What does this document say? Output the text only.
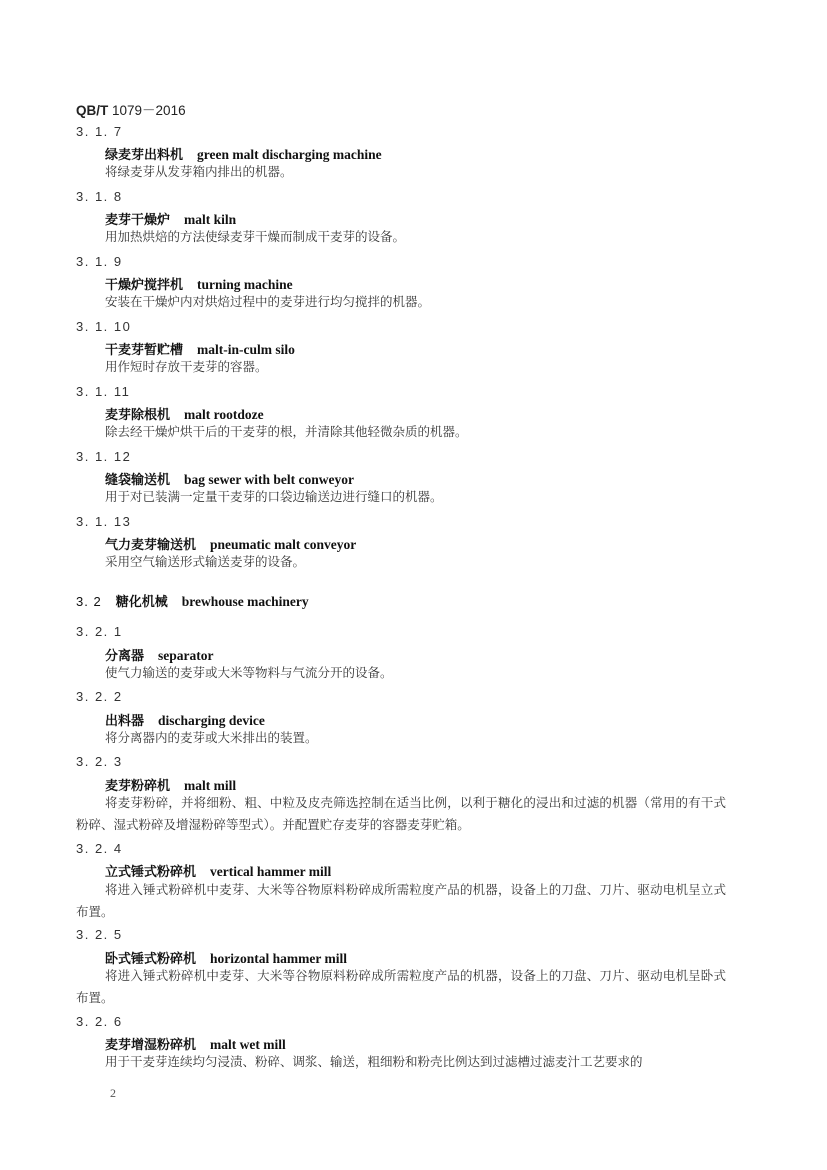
QB/T 1079－2016
3. 1. 7
绿麦芽出料机 green malt discharging machine
将绿麦芽从发芽箱内排出的机器。
3. 1. 8
麦芽干燥炉 malt kiln
用加热烘焙的方法使绿麦芽干燥而制成干麦芽的设备。
3. 1. 9
干燥炉搅拌机 turning machine
安装在干燥炉内对烘焙过程中的麦芽进行均匀搅拌的机器。
3. 1. 10
干麦芽暂贮槽 malt-in-culm silo
用作短时存放干麦芽的容器。
3. 1. 11
麦芽除根机 malt rootdoze
除去经干燥炉烘干后的干麦芽的根，并清除其他轻微杂质的机器。
3. 1. 12
缝袋输送机 bag sewer with belt conweyor
用于对已装满一定量干麦芽的口袋边输送边进行缝口的机器。
3. 1. 13
气力麦芽输送机 pneumatic malt conveyor
采用空气输送形式输送麦芽的设备。
3. 2 糖化机械 brewhouse machinery
3. 2. 1
分离器 separator
使气力输送的麦芽或大米等物料与气流分开的设备。
3. 2. 2
出料器 discharging device
将分离器内的麦芽或大米排出的装置。
3. 2. 3
麦芽粉碎机 malt mill
将麦芽粉碎，并将细粉、粗、中粒及皮壳筛选控制在适当比例，以利于糖化的浸出和过滤的机器（常用的有干式粉碎、湿式粉碎及增湿粉碎等型式）。并配置贮存麦芽的容器麦芽贮箱。
3. 2. 4
立式锤式粉碎机 vertical hammer mill
将进入锤式粉碎机中麦芽、大米等谷物原料粉碎成所需粒度产品的机器，设备上的刀盘、刀片、驱动电机呈立式布置。
3. 2. 5
卧式锤式粉碎机 horizontal hammer mill
将进入锤式粉碎机中麦芽、大米等谷物原料粉碎成所需粒度产品的机器，设备上的刀盘、刀片、驱动电机呈卧式布置。
3. 2. 6
麦芽增湿粉碎机 malt wet mill
用于干麦芽连续均匀浸渍、粉碎、调浆、输送，粗细粉和粉壳比例达到过滤槽过滤麦汁工艺要求的
2
